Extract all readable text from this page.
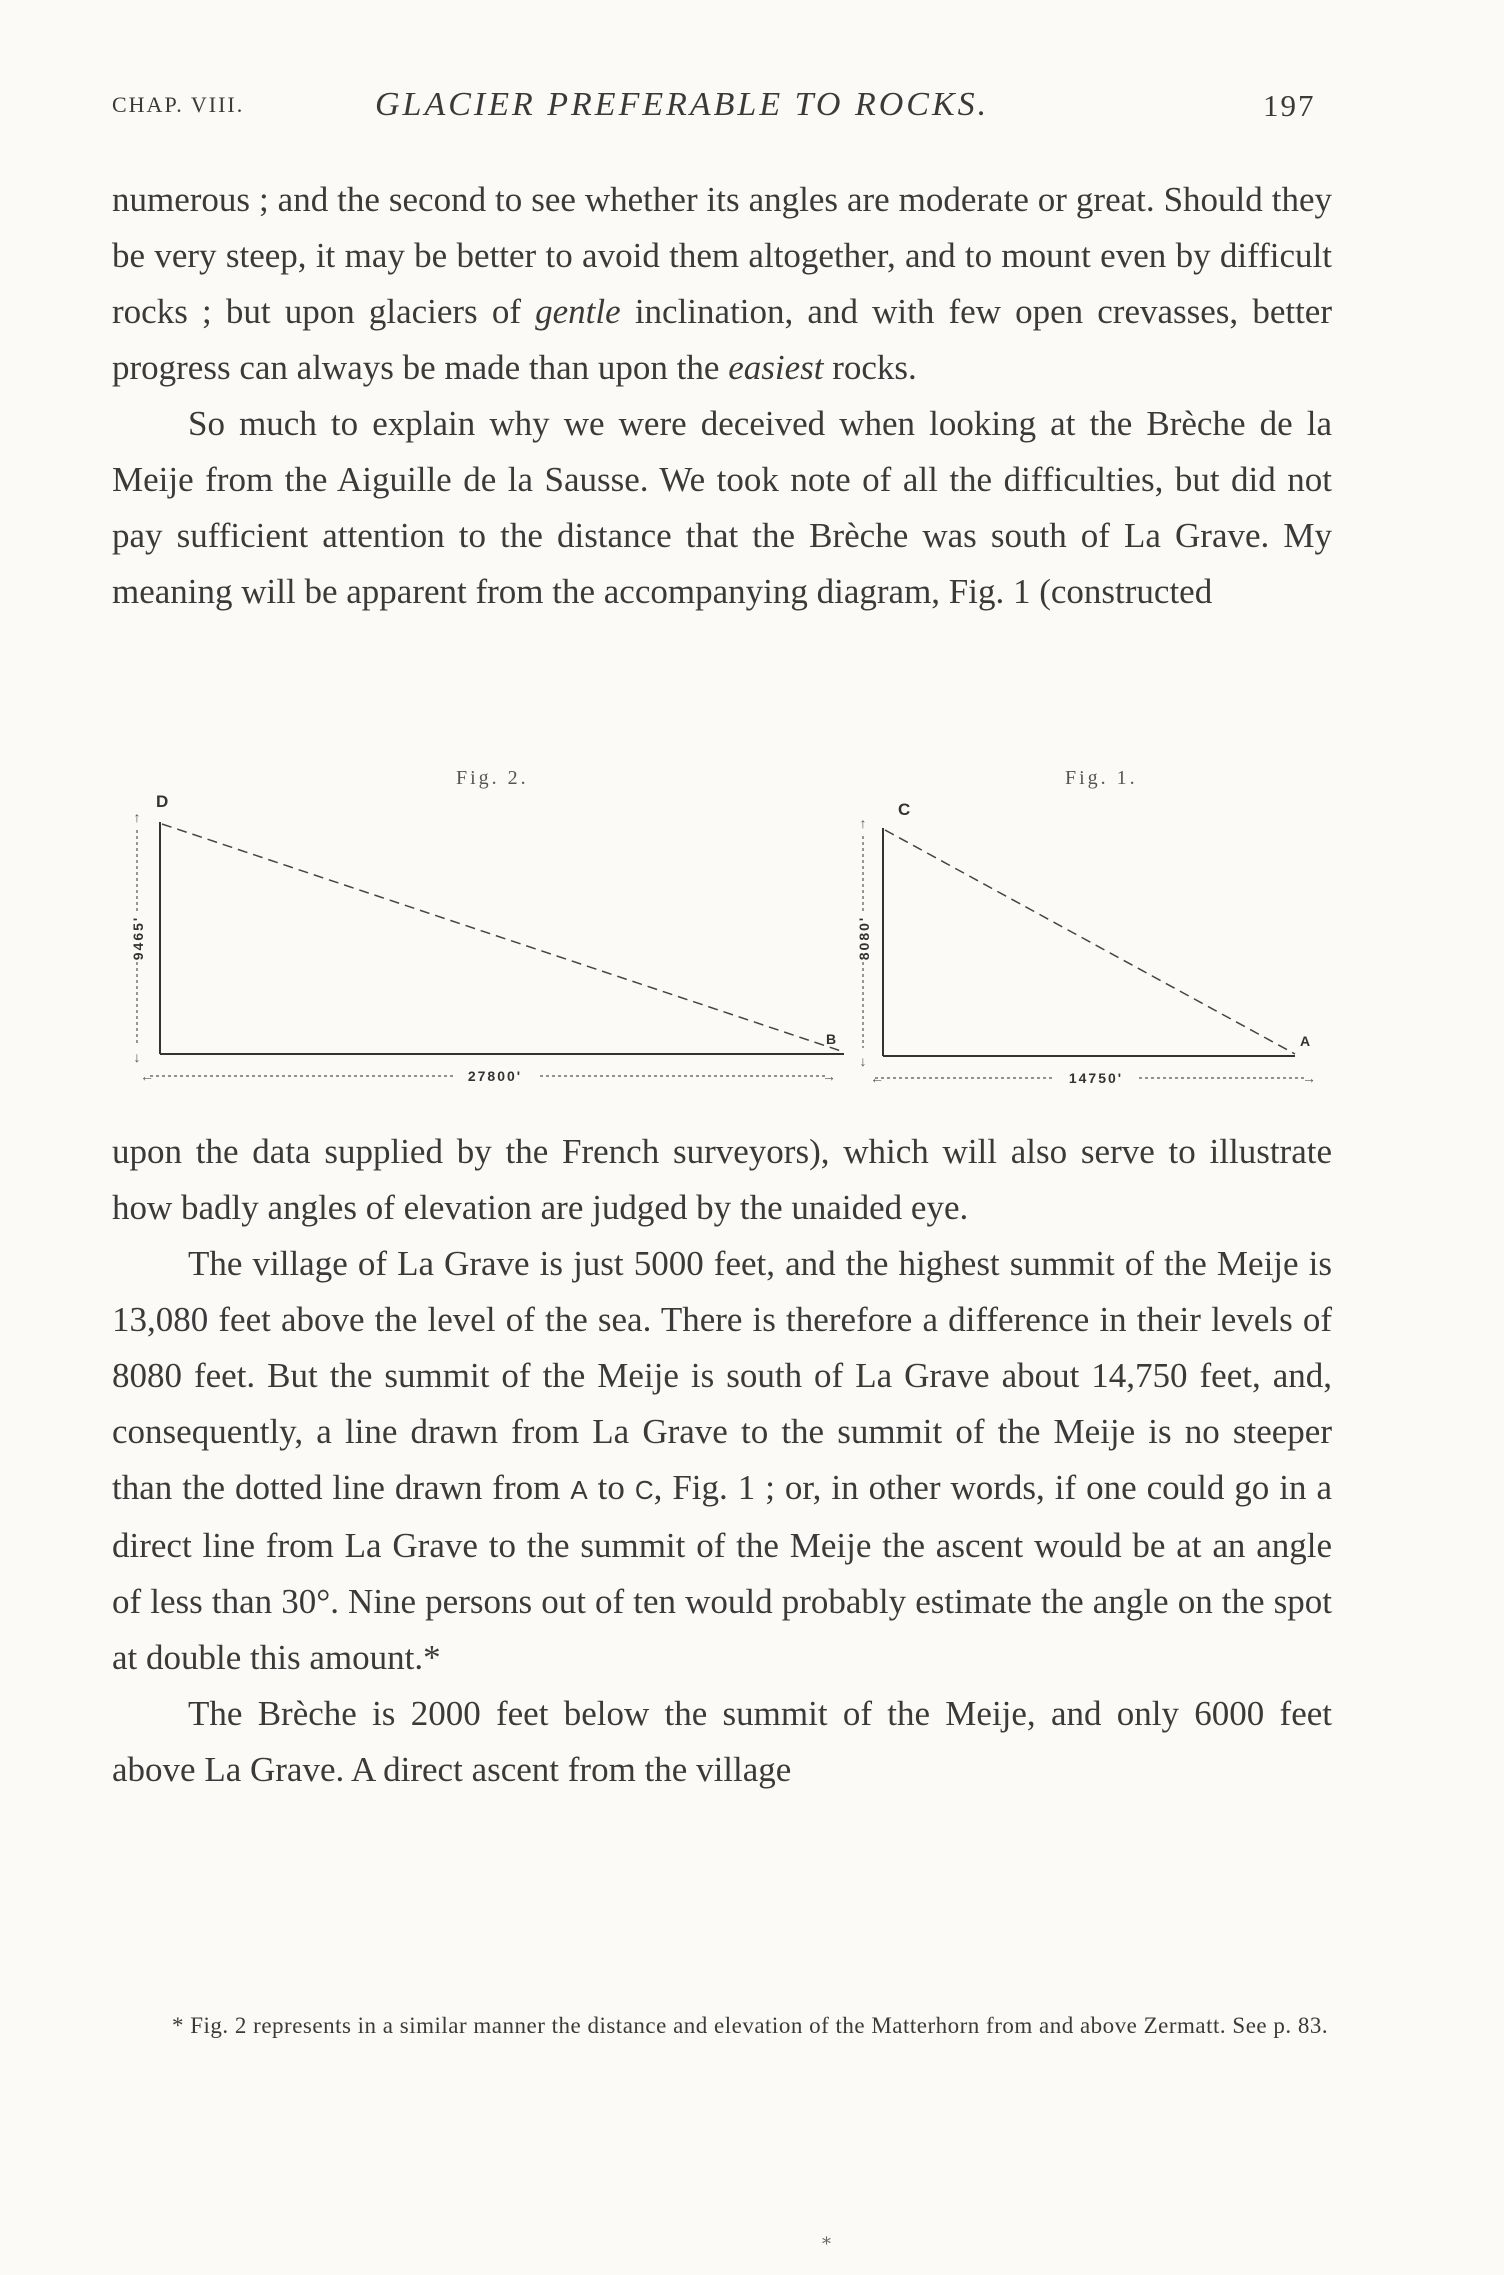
CHAP. VIII.	GLACIER PREFERABLE TO ROCKS.	197

numerous ; and the second to see whether its angles are moderate or great. Should they be very steep, it may be better to avoid them altogether, and to mount even by difficult rocks ; but upon glaciers of gentle inclination, and with few open crevasses, better progress can always be made than upon the easiest rocks.

So much to explain why we were deceived when looking at the Brèche de la Meije from the Aiguille de la Sausse. We took note of all the difficulties, but did not pay sufficient attention to the distance that the Brèche was south of La Grave. My meaning will be apparent from the accompanying diagram, Fig. 1 (constructed

Fig. 2.
D
↑
↓
9465'
B
←	→
27800'
Fig. 1.
C
↑
↓
8080'
A
←	→
14750'

upon the data supplied by the French surveyors), which will also serve to illustrate how badly angles of elevation are judged by the unaided eye.

The village of La Grave is just 5000 feet, and the highest summit of the Meije is 13,080 feet above the level of the sea. There is therefore a difference in their levels of 8080 feet. But the summit of the Meije is south of La Grave about 14,750 feet, and, consequently, a line drawn from La Grave to the summit of the Meije is no steeper than the dotted line drawn from A to C, Fig. 1 ; or, in other words, if one could go in a direct line from La Grave to the summit of the Meije the ascent would be at an angle of less than 30°. Nine persons out of ten would probably estimate the angle on the spot at double this amount.*

The Brèche is 2000 feet below the summit of the Meije, and only 6000 feet above La Grave. A direct ascent from the village

* Fig. 2 represents in a similar manner the distance and elevation of the Matterhorn from and above Zermatt. See p. 83.

⁎
